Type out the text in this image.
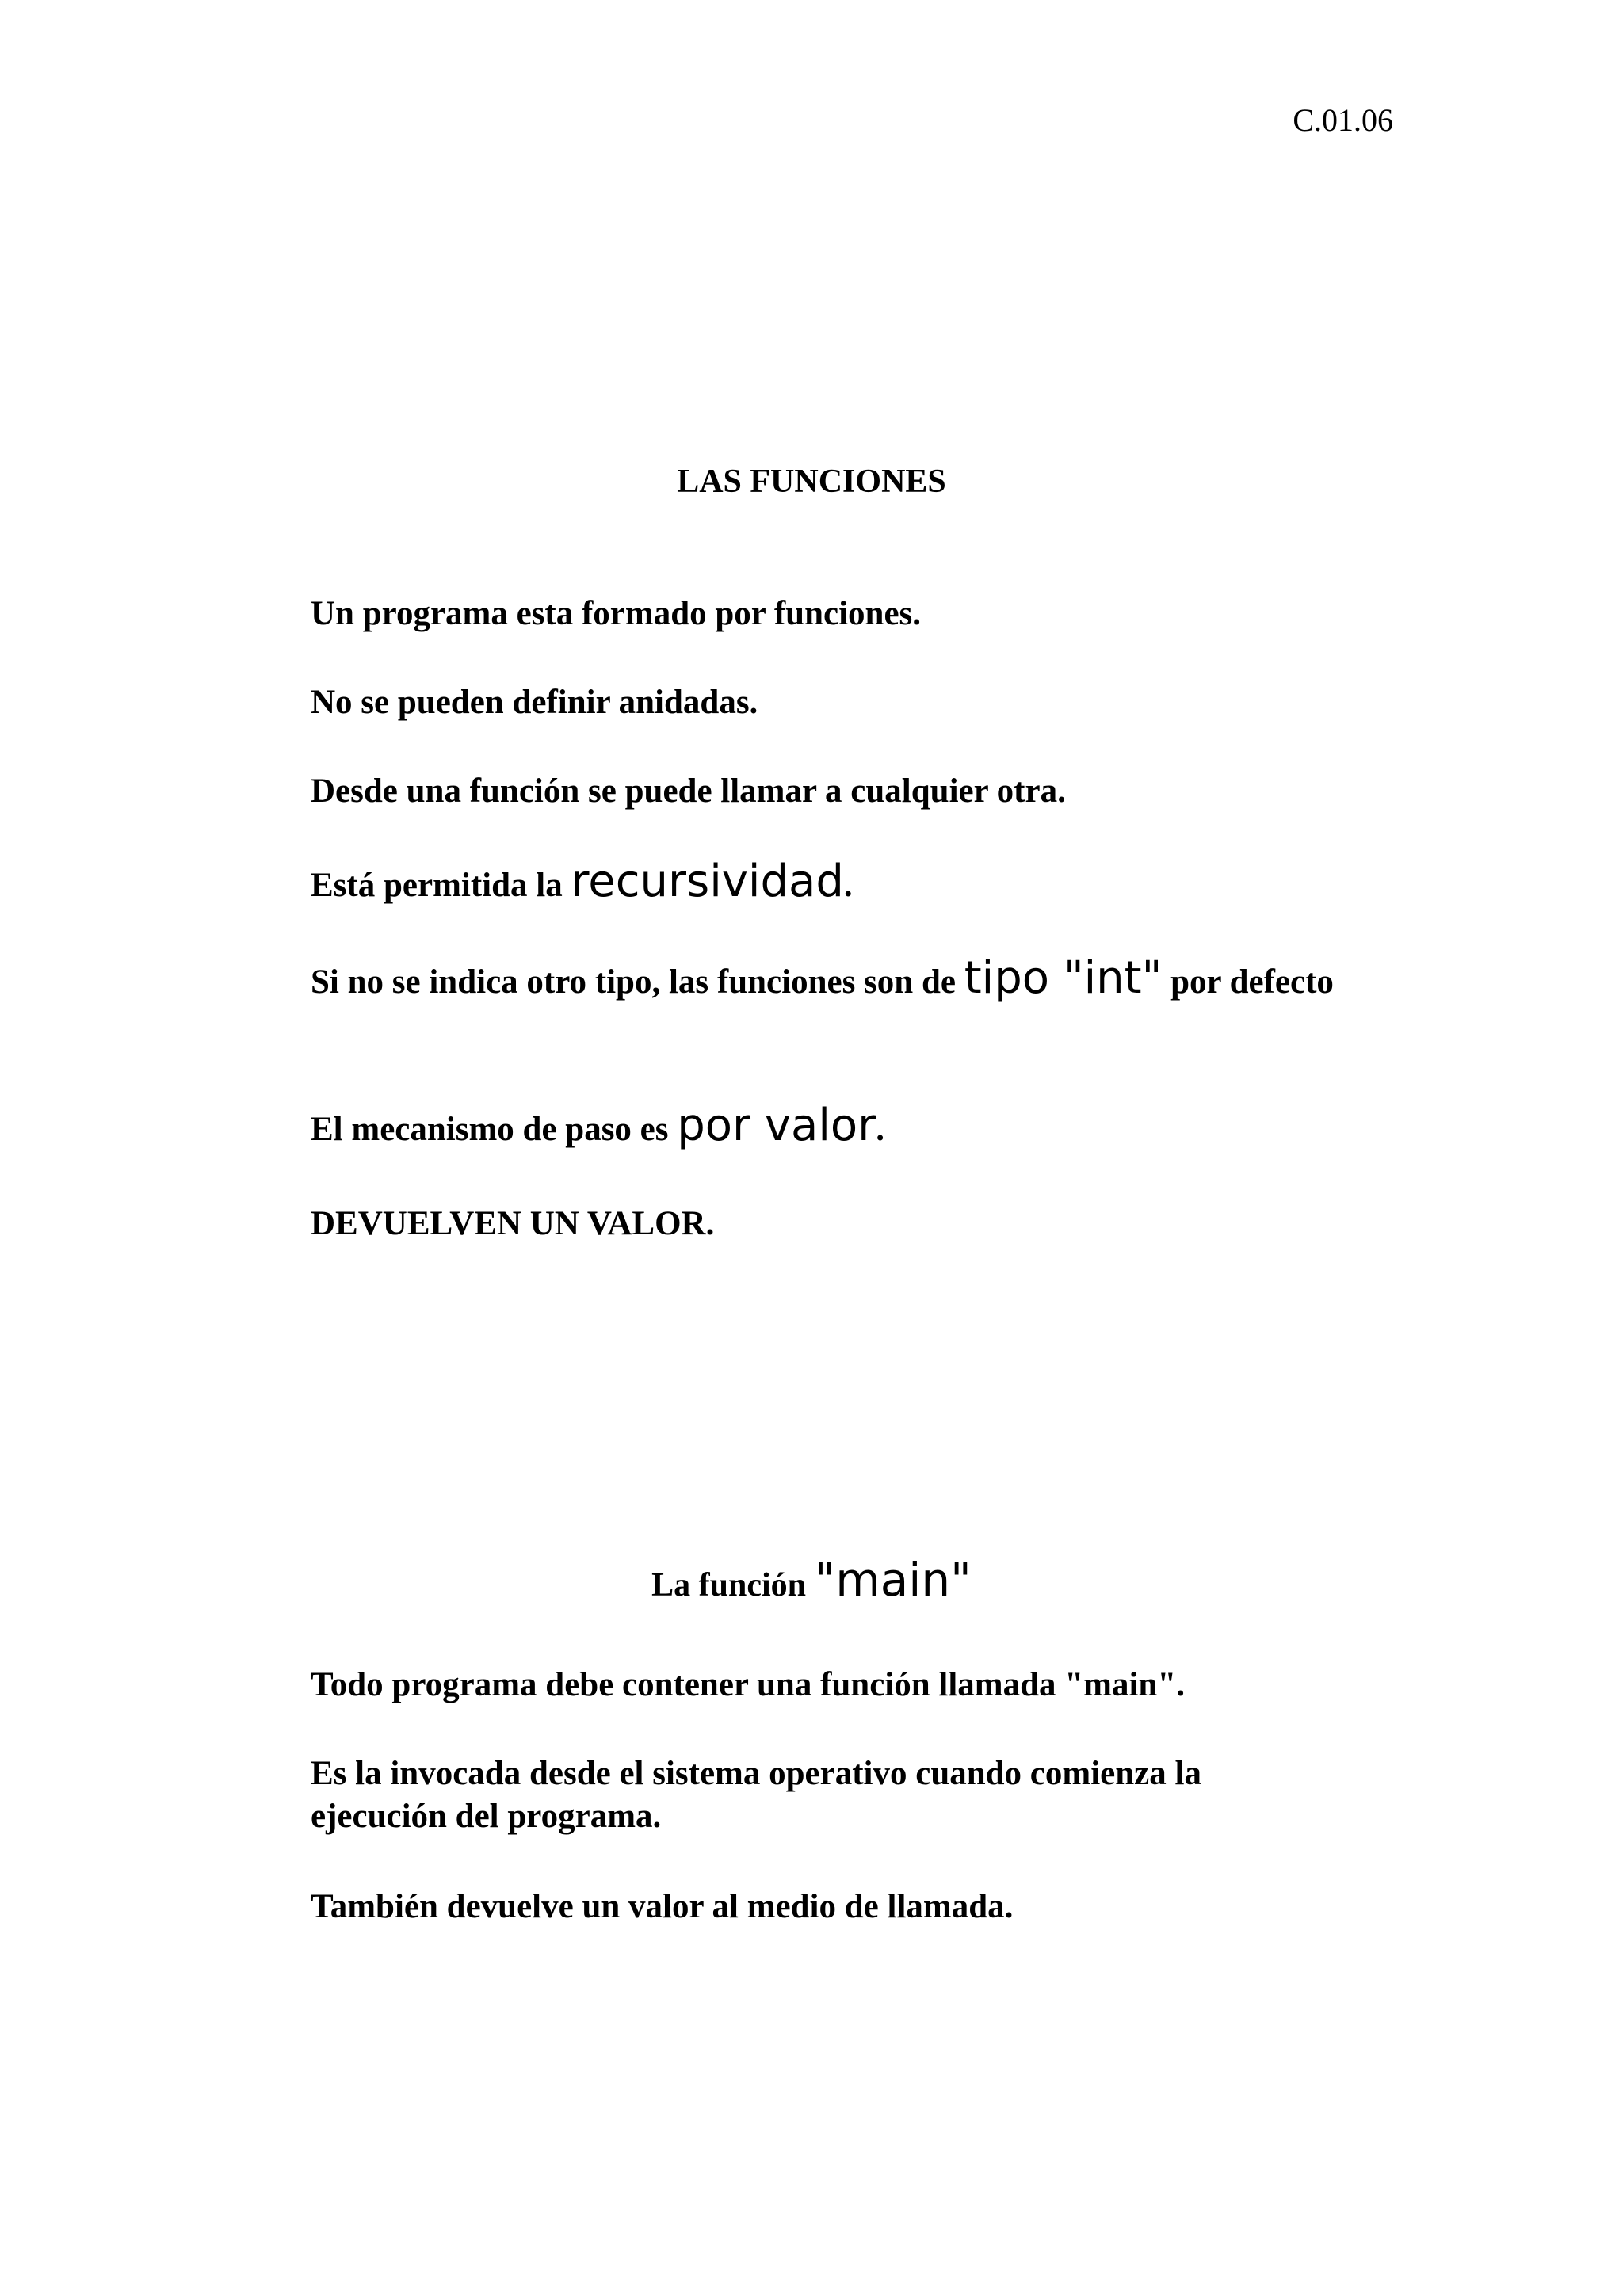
C.01.06
LAS FUNCIONES
Un programa esta formado por funciones.
No se pueden definir anidadas.
Desde una función se puede llamar a cualquier otra.
Está permitida la recursividad.
Si no se indica otro tipo, las funciones son de tipo "int" por defecto
El mecanismo de paso es por valor.
DEVUELVEN UN VALOR.
La función "main"
Todo programa debe contener una función llamada "main".
Es la invocada desde el sistema operativo cuando comienza la ejecución del programa.
También devuelve un valor al medio de llamada.
